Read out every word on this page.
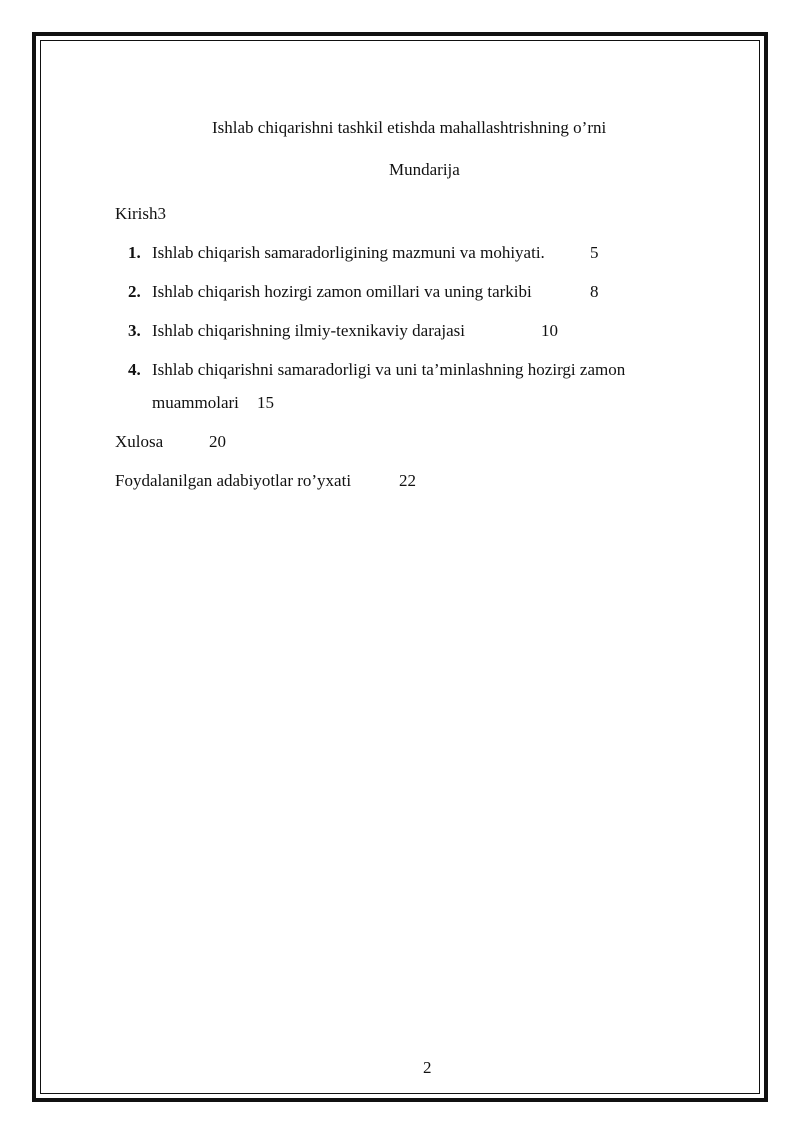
Ishlab chiqarishni tashkil etishda mahallashtrishning o’rni
Mundarija
Kirish3
1. Ishlab chiqarish samaradorligining mazmuni va mohiyati.	5
2. Ishlab chiqarish hozirgi zamon omillari va uning tarkibi	8
3. Ishlab chiqarishning ilmiy-texnikaviy darajasi	10
4. Ishlab chiqarishni samaradorligi va uni ta’minlashning hozirgi zamon
muammolari 15
Xulosa	20
Foydalanilgan adabiyotlar ro’yxati	22
2
